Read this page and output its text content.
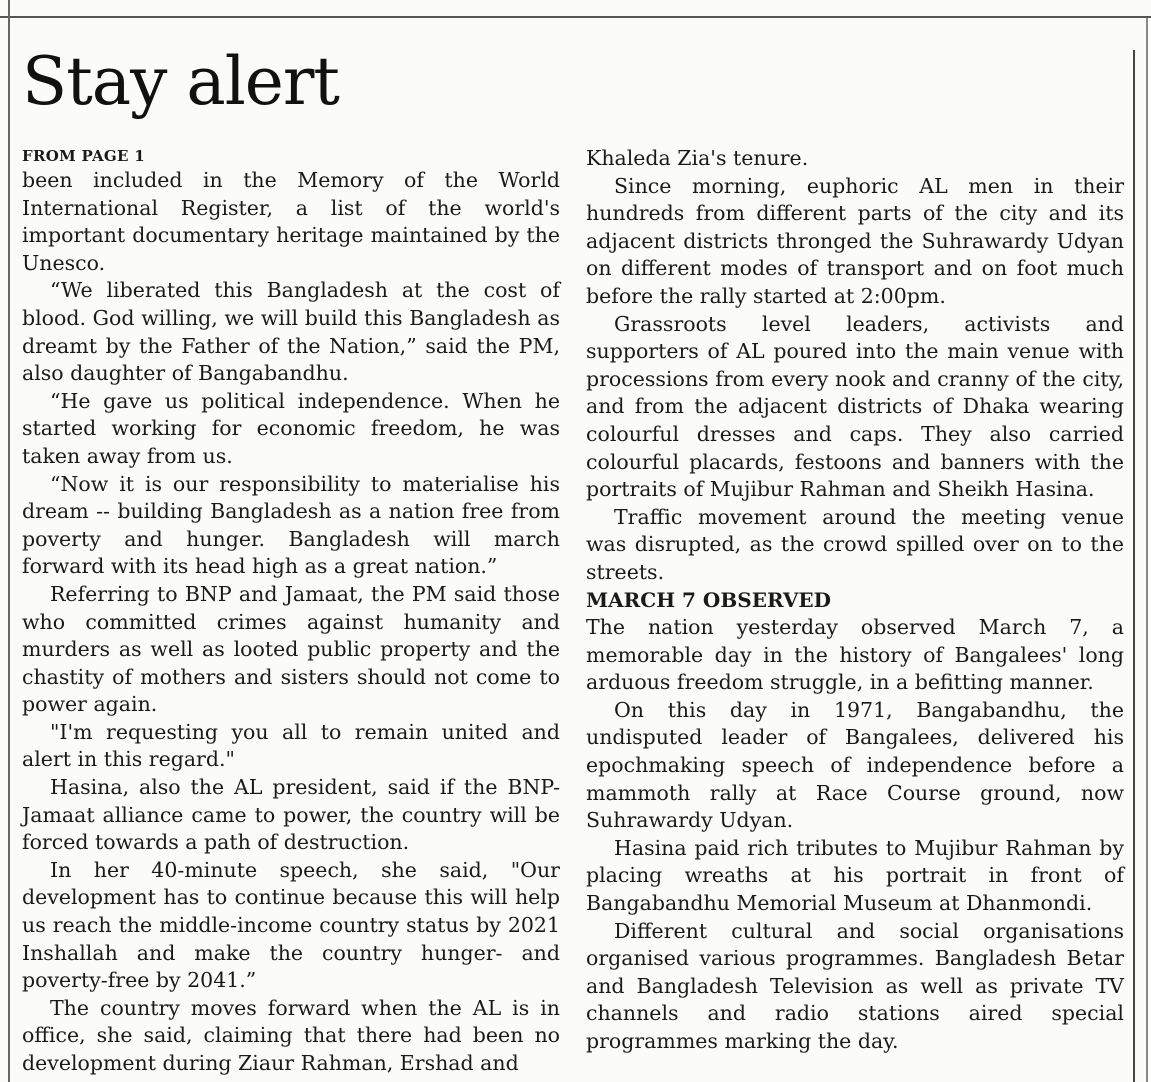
Stay alert
FROM PAGE 1

been included in the Memory of the World International Register, a list of the world's important documentary heritage maintained by the Unesco.

“We liberated this Bangladesh at the cost of blood. God willing, we will build this Bangladesh as dreamt by the Father of the Nation,” said the PM, also daughter of Bangabandhu.

“He gave us political independence. When he started working for economic freedom, he was taken away from us.

“Now it is our responsibility to materialise his dream -- building Bangladesh as a nation free from poverty and hunger. Bangladesh will march forward with its head high as a great nation.”

Referring to BNP and Jamaat, the PM said those who committed crimes against humanity and murders as well as looted public property and the chastity of mothers and sisters should not come to power again.

"I'm requesting you all to remain united and alert in this regard."

Hasina, also the AL president, said if the BNP-Jamaat alliance came to power, the country will be forced towards a path of destruction.

In her 40-minute speech, she said, "Our development has to continue because this will help us reach the middle-income country status by 2021 Inshallah and make the country hunger- and poverty-free by 2041.”

The country moves forward when the AL is in office, she said, claiming that there had been no development during Ziaur Rahman, Ershad and

Khaleda Zia's tenure.

Since morning, euphoric AL men in their hundreds from different parts of the city and its adjacent districts thronged the Suhrawardy Udyan on different modes of transport and on foot much before the rally started at 2:00pm.

Grassroots level leaders, activists and supporters of AL poured into the main venue with processions from every nook and cranny of the city, and from the adjacent districts of Dhaka wearing colourful dresses and caps. They also carried colourful placards, festoons and banners with the portraits of Mujibur Rahman and Sheikh Hasina.

Traffic movement around the meeting venue was disrupted, as the crowd spilled over on to the streets.

MARCH 7 OBSERVED

The nation yesterday observed March 7, a memorable day in the history of Bangalees' long arduous freedom struggle, in a befitting manner.

On this day in 1971, Bangabandhu, the undisputed leader of Bangalees, delivered his epochmaking speech of independence before a mammoth rally at Race Course ground, now Suhrawardy Udyan.

Hasina paid rich tributes to Mujibur Rahman by placing wreaths at his portrait in front of Bangabandhu Memorial Museum at Dhanmondi.

Different cultural and social organisations organised various programmes. Bangladesh Betar and Bangladesh Television as well as private TV channels and radio stations aired special programmes marking the day.
